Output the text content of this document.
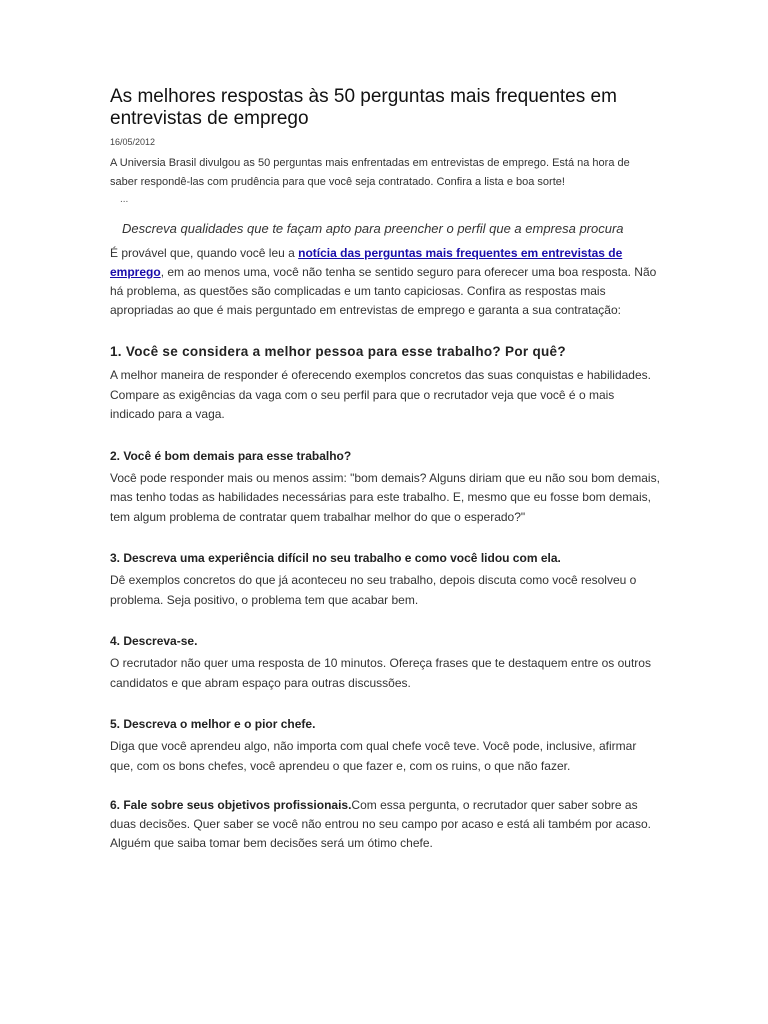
As melhores respostas às 50 perguntas mais frequentes em entrevistas de emprego
16/05/2012
A Universia Brasil divulgou as 50 perguntas mais enfrentadas em entrevistas de emprego. Está na hora de saber respondê-las com prudência para que você seja contratado. Confira a lista e boa sorte!
...
Descreva qualidades que te façam apto para preencher o perfil que a empresa procura
É provável que, quando você leu a notícia das perguntas mais frequentes em entrevistas de emprego, em ao menos uma, você não tenha se sentido seguro para oferecer uma boa resposta. Não há problema, as questões são complicadas e um tanto capiciosas. Confira as respostas mais apropriadas ao que é mais perguntado em entrevistas de emprego e garanta a sua contratação:
1. Você se considera a melhor pessoa para esse trabalho? Por quê?
A melhor maneira de responder é oferecendo exemplos concretos das suas conquistas e habilidades. Compare as exigências da vaga com o seu perfil para que o recrutador veja que você é o mais indicado para a vaga.
2. Você é bom demais para esse trabalho?
Você pode responder mais ou menos assim: "bom demais? Alguns diriam que eu não sou bom demais, mas tenho todas as habilidades necessárias para este trabalho. E, mesmo que eu fosse bom demais, tem algum problema de contratar quem trabalhar melhor do que o esperado?"
3. Descreva uma experiência difícil no seu trabalho e como você lidou com ela.
Dê exemplos concretos do que já aconteceu no seu trabalho, depois discuta como você resolveu o problema. Seja positivo, o problema tem que acabar bem.
4. Descreva-se.
O recrutador não quer uma resposta de 10 minutos. Ofereça frases que te destaquem entre os outros candidatos e que abram espaço para outras discussões.
5. Descreva o melhor e o pior chefe.
Diga que você aprendeu algo, não importa com qual chefe você teve. Você pode, inclusive, afirmar que, com os bons chefes, você aprendeu o que fazer e, com os ruins, o que não fazer.
6. Fale sobre seus objetivos profissionais.Com essa pergunta, o recrutador quer saber sobre as duas decisões. Quer saber se você não entrou no seu campo por acaso e está ali também por acaso. Alguém que saiba tomar bem decisões será um ótimo chefe.
